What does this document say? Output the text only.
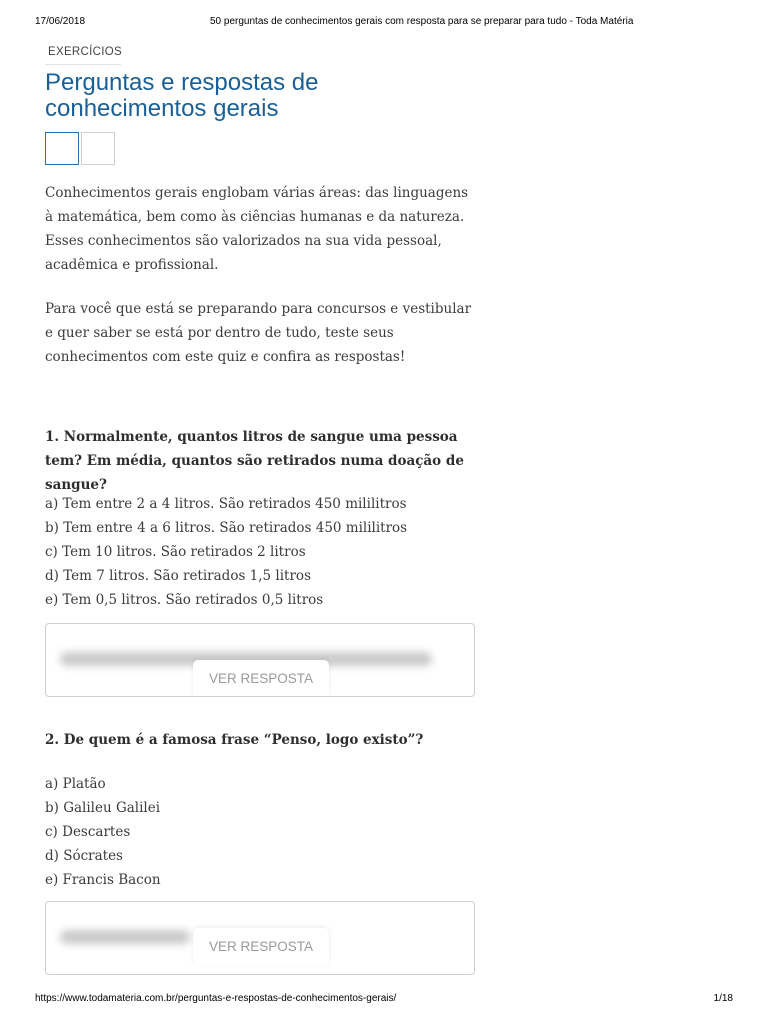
17/06/2018	50 perguntas de conhecimentos gerais com resposta para se preparar para tudo - Toda Matéria
EXERCÍCIOS
Perguntas e respostas de conhecimentos gerais

Conhecimentos gerais englobam várias áreas: das linguagens à matemática, bem como às ciências humanas e da natureza. Esses conhecimentos são valorizados na sua vida pessoal, acadêmica e profissional.

Para você que está se preparando para concursos e vestibular e quer saber se está por dentro de tudo, teste seus conhecimentos com este quiz e confira as respostas!

1. Normalmente, quantos litros de sangue uma pessoa tem? Em média, quantos são retirados numa doação de sangue?

a) Tem entre 2 a 4 litros. São retirados 450 mililitros
b) Tem entre 4 a 6 litros. São retirados 450 mililitros
c) Tem 10 litros. São retirados 2 litros
d) Tem 7 litros. São retirados 1,5 litros
e) Tem 0,5 litros. São retirados 0,5 litros
VER RESPOSTA

2. De quem é a famosa frase “Penso, logo existo”?

a) Platão
b) Galileu Galilei
c) Descartes
d) Sócrates
e) Francis Bacon
VER RESPOSTA
https://www.todamateria.com.br/perguntas-e-respostas-de-conhecimentos-gerais/	1/18
